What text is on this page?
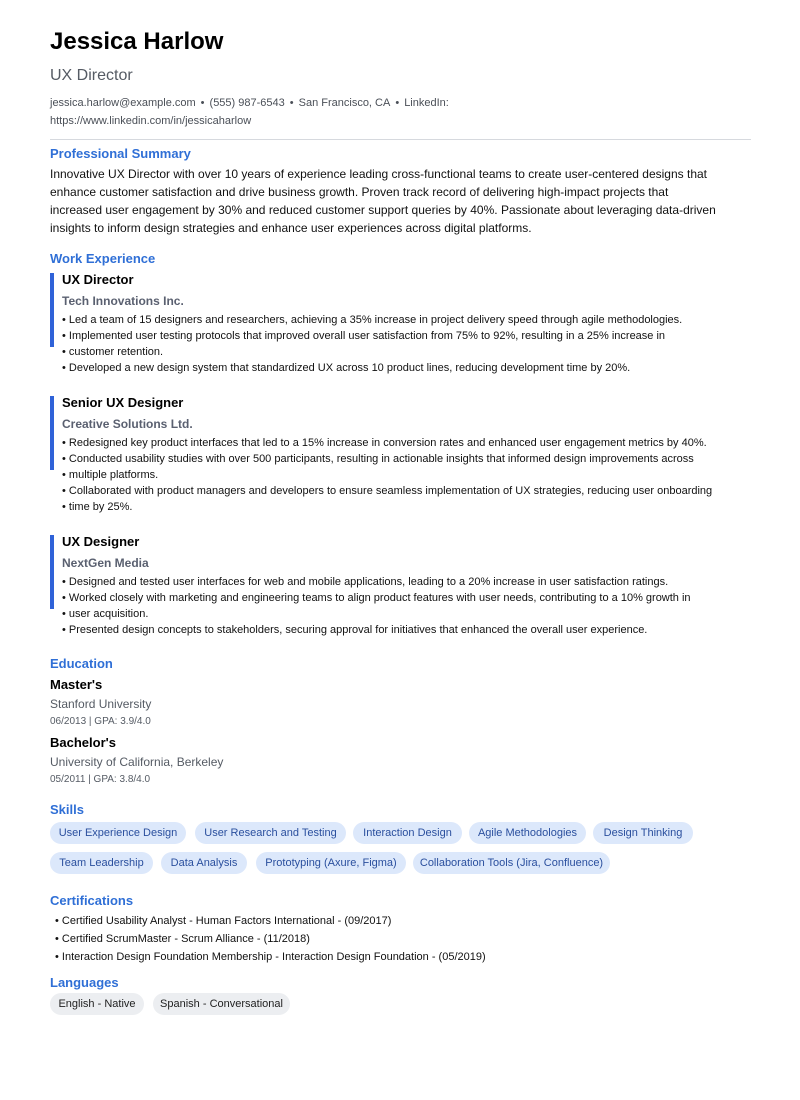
Jessica Harlow
UX Director
jessica.harlow@example.com • (555) 987-6543 • San Francisco, CA • LinkedIn:
https://www.linkedin.com/in/jessicaharlow
Professional Summary
Innovative UX Director with over 10 years of experience leading cross-functional teams to create user-centered designs that
enhance customer satisfaction and drive business growth. Proven track record of delivering high-impact projects that
increased user engagement by 30% and reduced customer support queries by 40%. Passionate about leveraging data-driven
insights to inform design strategies and enhance user experiences across digital platforms.
Work Experience
UX Director
Tech Innovations Inc.
• Led a team of 15 designers and researchers, achieving a 35% increase in project delivery speed through agile methodologies.
• Implemented user testing protocols that improved overall user satisfaction from 75% to 92%, resulting in a 25% increase in
• customer retention.
• Developed a new design system that standardized UX across 10 product lines, reducing development time by 20%.
Senior UX Designer
Creative Solutions Ltd.
• Redesigned key product interfaces that led to a 15% increase in conversion rates and enhanced user engagement metrics by 40%.
• Conducted usability studies with over 500 participants, resulting in actionable insights that informed design improvements across
• multiple platforms.
• Collaborated with product managers and developers to ensure seamless implementation of UX strategies, reducing user onboarding
• time by 25%.
UX Designer
NextGen Media
• Designed and tested user interfaces for web and mobile applications, leading to a 20% increase in user satisfaction ratings.
• Worked closely with marketing and engineering teams to align product features with user needs, contributing to a 10% growth in
• user acquisition.
• Presented design concepts to stakeholders, securing approval for initiatives that enhanced the overall user experience.
Education
Master's
Stanford University
06/2013 | GPA: 3.9/4.0
Bachelor's
University of California, Berkeley
05/2011 | GPA: 3.8/4.0
Skills
User Experience Design	User Research and Testing	Interaction Design	Agile Methodologies	Design Thinking
Team Leadership	Data Analysis	Prototyping (Axure, Figma)	Collaboration Tools (Jira, Confluence)
Certifications
• Certified Usability Analyst - Human Factors International - (09/2017)
• Certified ScrumMaster - Scrum Alliance - (11/2018)
• Interaction Design Foundation Membership - Interaction Design Foundation - (05/2019)
Languages
English - Native	Spanish - Conversational
